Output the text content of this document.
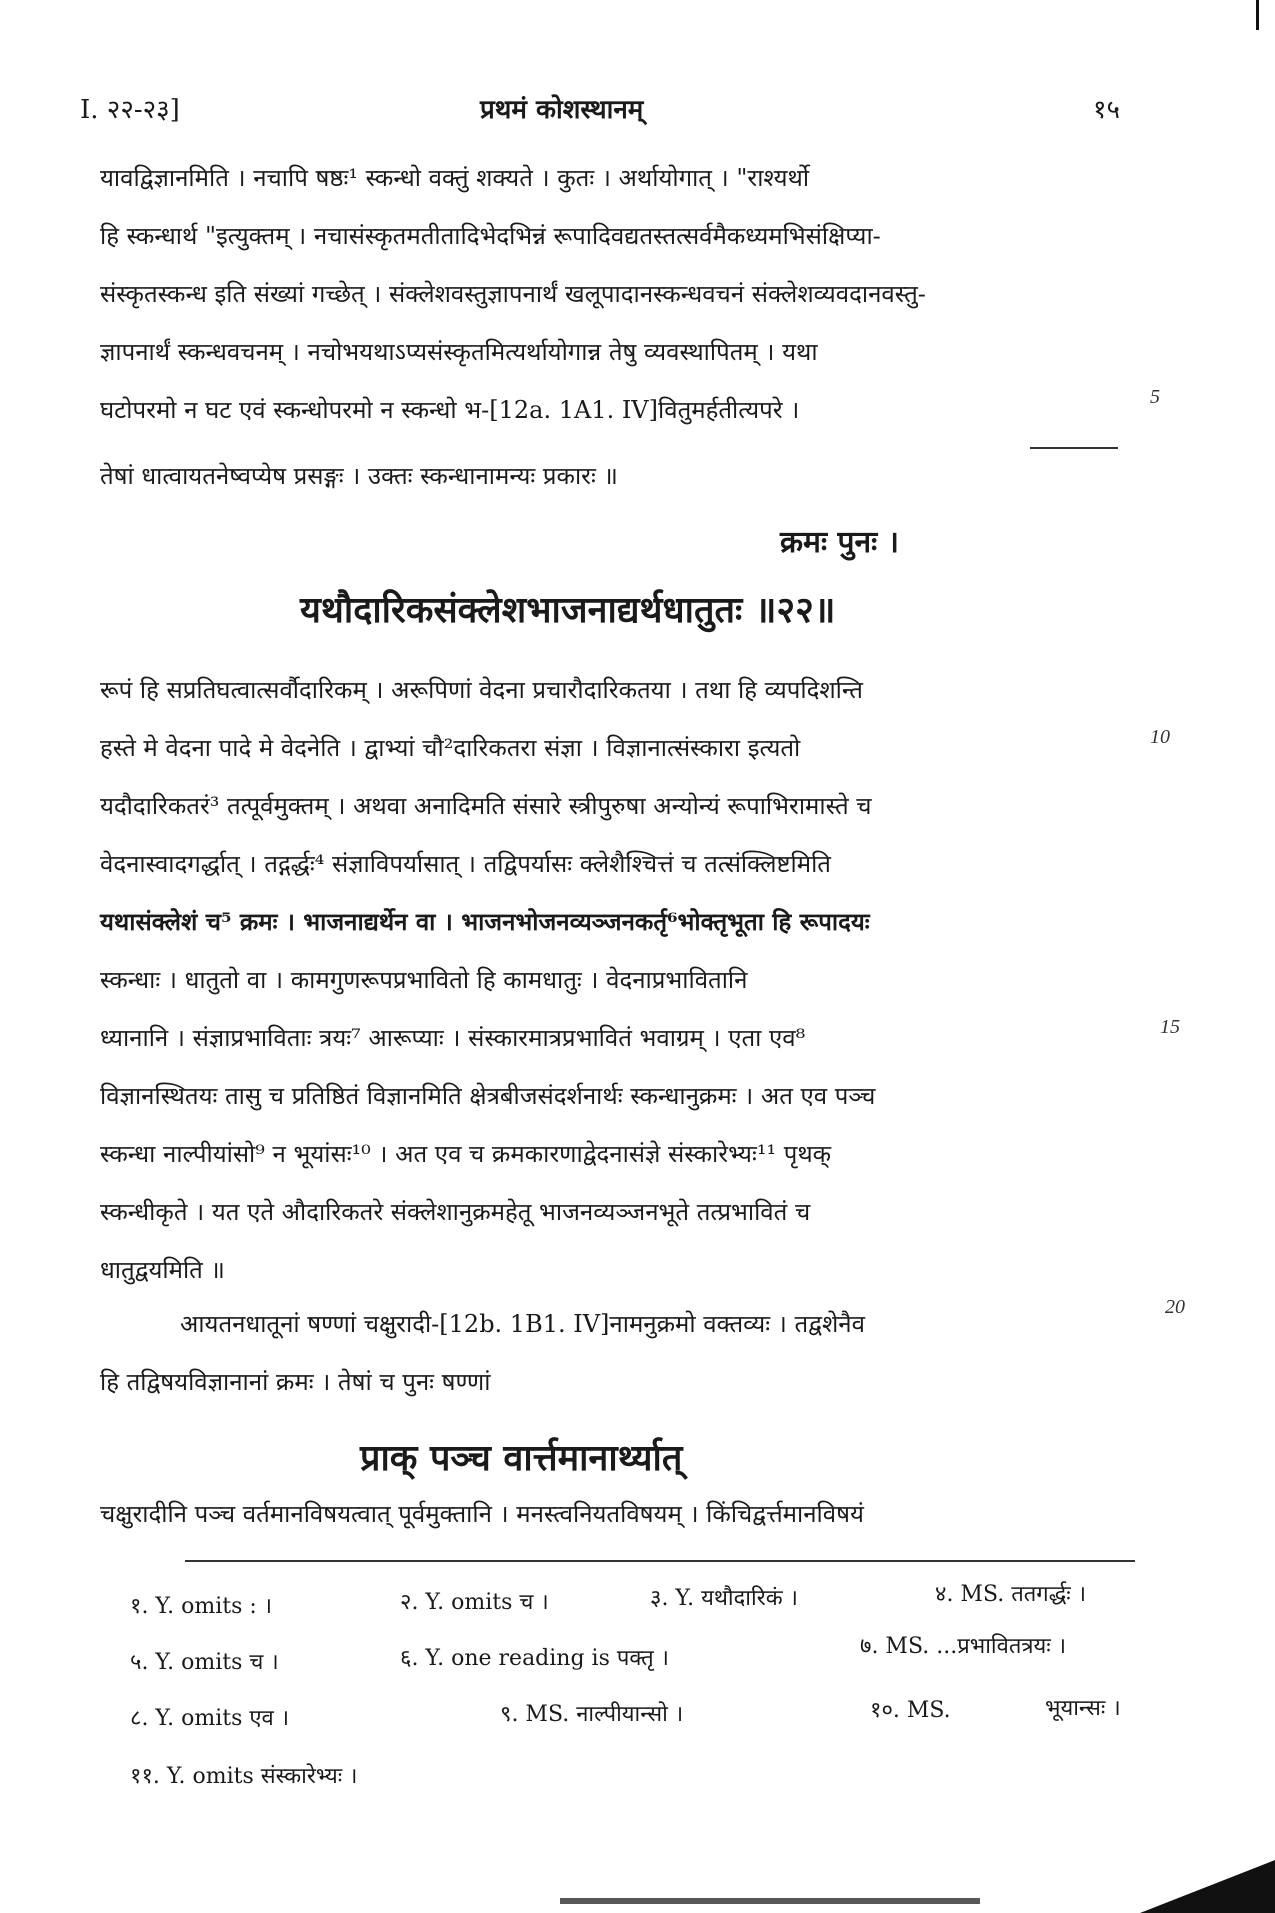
I. २२-२३]	प्रथमं कोशस्थानम्	१५
यावद्विज्ञानमिति । नचापि षष्ठः¹ स्कन्धो वक्तुं शक्यते । कुतः । अर्थायोगात् । "राश्यर्थो
हि स्कन्धार्थ "इत्युक्तम् । नचासंस्कृतमतीतादिभेदभिन्नं रूपादिवद्यतस्तत्सर्वमैकध्यमभिसंक्षिप्या-
संस्कृतस्कन्ध इति संख्यां गच्छेत् । संक्लेशवस्तुज्ञापनार्थं खलूपादानस्कन्धवचनं संक्लेशव्यवदानवस्तु-
ज्ञापनार्थं स्कन्धवचनम् । नचोभयथाऽप्यसंस्कृतमित्यर्थायोगान्न तेषु व्यवस्थापितम् । यथा
घटोपरमो न घट एवं स्कन्धोपरमो न स्कन्धो भ-[12a. 1A1. IV]वितुमर्हतीत्यपरे ।	5
तेषां धात्वायतनेष्वप्येष प्रसङ्गः । उक्तः स्कन्धानामन्यः प्रकारः ॥
क्रमः पुनः ।
यथौदारिकसंक्लेशभाजनाद्यर्थधातुतः ॥२२॥
रूपं हि सप्रतिघत्वात्सर्वौदारिकम् । अरूपिणां वेदना प्रचारौदारिकतया । तथा हि व्यपदिशन्ति
हस्ते मे वेदना पादे मे वेदनेति । द्वाभ्यां चौ²दारिकतरा संज्ञा । विज्ञानात्संस्कारा इत्यतो	10
यदौदारिकतरं³ तत्पूर्वमुक्तम् । अथवा अनादिमति संसारे स्त्रीपुरुषा अन्योन्यं रूपाभिरामास्ते च
वेदनास्वादगर्द्धात् । तद्गर्द्धः⁴ संज्ञाविपर्यासात् । तद्विपर्यासः क्लेशैश्चित्तं च तत्संक्लिष्टमिति
यथासंक्लेशं च⁵ क्रमः । भाजनाद्यर्थेन वा । भाजनभोजनव्यञ्जनकर्तृ⁶भोक्तृभूता हि रूपादयः
स्कन्धाः । धातुतो वा । कामगुणरूपप्रभावितो हि कामधातुः । वेदनाप्रभावितानि
ध्यानानि । संज्ञाप्रभाविताः त्रयः⁷ आरूप्याः । संस्कारमात्रप्रभावितं भवाग्रम् । एता एव⁸	15
विज्ञानस्थितयः तासु च प्रतिष्ठितं विज्ञानमिति क्षेत्रबीजसंदर्शनार्थः स्कन्धानुक्रमः । अत एव पञ्च
स्कन्धा नाल्पीयांसो⁹ न भूयांसः¹⁰ । अत एव च क्रमकारणाद्वेदनासंज्ञे संस्कारेभ्यः¹¹ पृथक्
स्कन्धीकृते । यत एते औदारिकतरे संक्लेशानुक्रमहेतू भाजनव्यञ्जनभूते तत्प्रभावितं च
धातुद्वयमिति ॥
आयतनधातूनां षण्णां चक्षुरादी-[12b. 1B1. IV]नामनुक्रमो वक्तव्यः । तद्वशेनैव
20
हि तद्विषयविज्ञानानां क्रमः । तेषां च पुनः षण्णां
प्राक् पञ्च वार्त्तमानार्थ्यात्
चक्षुरादीनि पञ्च वर्तमानविषयत्वात् पूर्वमुक्तानि । मनस्त्वनियतविषयम् । किंचिद्वर्त्तमानविषयं
१. Y. omits : ।	२. Y. omits च ।	३. Y. यथौदारिकं ।	४. MS. ततगर्द्धः ।
५. Y. omits च ।	६. Y. one reading is पक्तृ ।	७. MS. ...प्रभावितत्रयः ।
८. Y. omits एव ।	९. MS. नाल्पीयान्सो ।	१०. MS.	भूयान्सः ।
११. Y. omits संस्कारेभ्यः ।
